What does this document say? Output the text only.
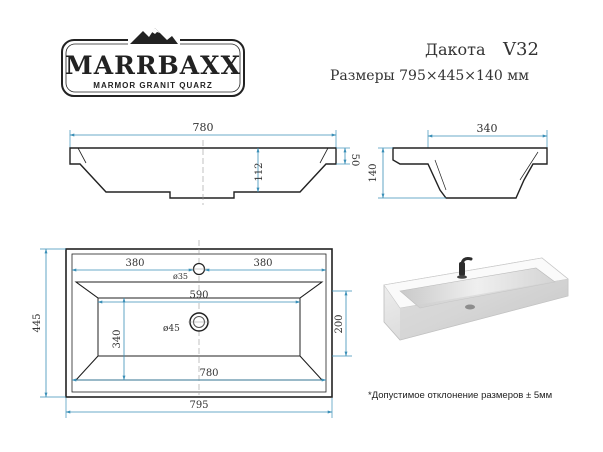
MARRBAXX
MARMOR GRANIT QUARZ
Дакота V32
Размеры 795×445×140 мм
780
50
112
340
140
ø35
380	380
590
ø45
340
780
795
445	200
*Допустимое отклонение размеров ± 5мм
